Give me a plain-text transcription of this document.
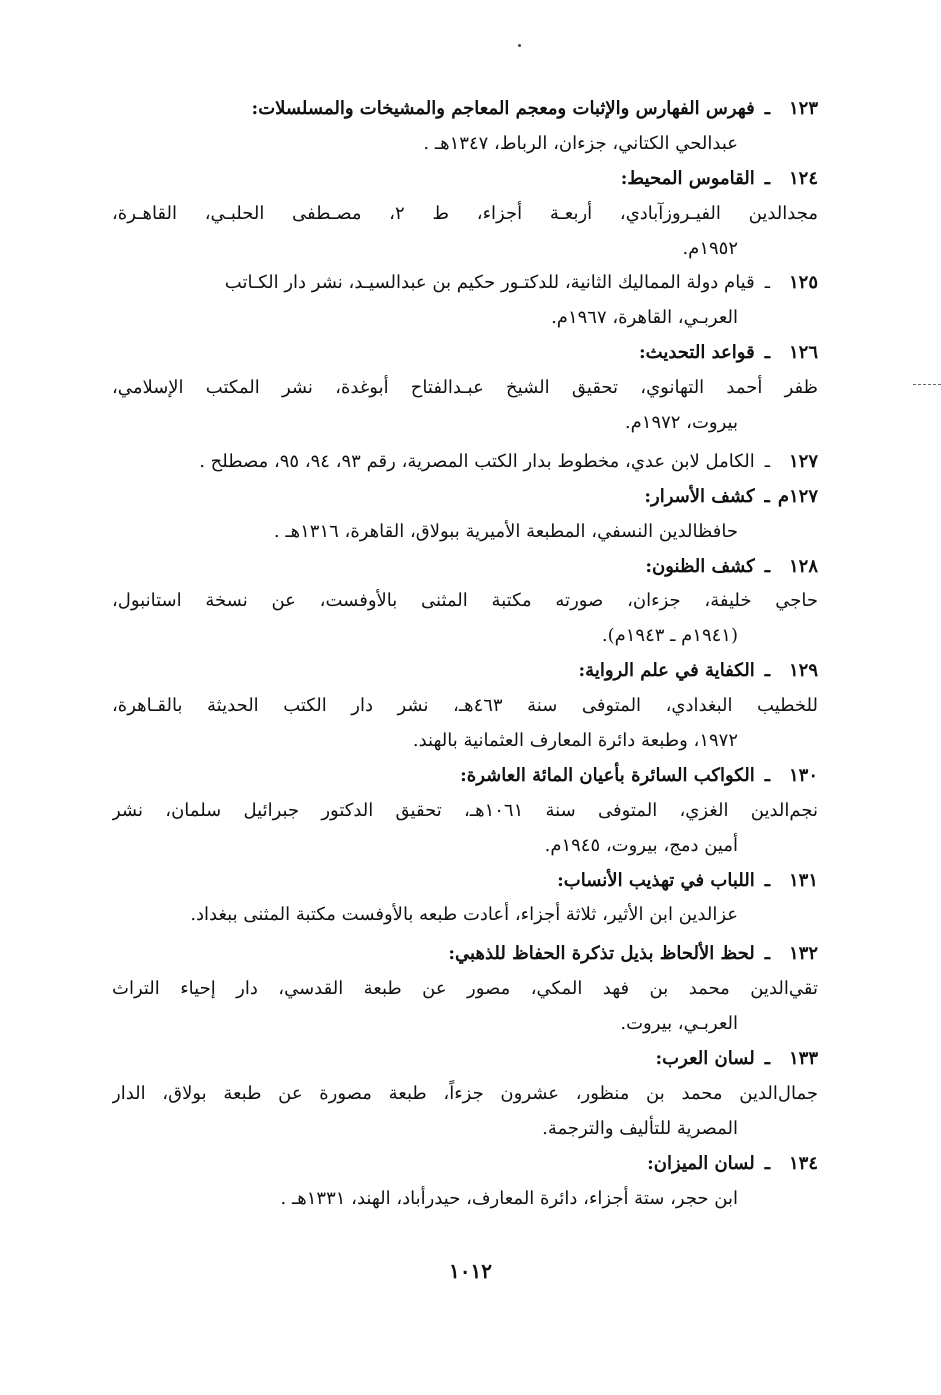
١٢٣ـفهرس الفهارس والإثبات ومعجم المعاجم والمشيخات والمسلسلات:
عبدالحي الكتاني، جزءان، الرباط، ١٣٤٧هـ .
١٢٤ـالقاموس المحيط:
مجدالدين الفيـروزآبادي، أربعـة أجزاء، ط ٢، مصـطفى الحلبـي، القاهـرة،
١٩٥٢م.
١٢٥ـقيام دولة المماليك الثانية، للدكتـور حكيم بن عبدالسيـد، نشر دار الكـاتب
العربـي، القاهرة، ١٩٦٧م.
١٢٦ـقواعد التحديث:
ظفر أحمد التهانوي، تحقيق الشيخ عبـدالفتاح أبوغدة، نشر المكتب الإسلامي،
بيروت، ١٩٧٢م.
١٢٧ـالكامل لابن عدي، مخطوط بدار الكتب المصرية، رقم ٩٣، ٩٤، ٩٥، مصطلح .
١٢٧مـكشف الأسرار:
حافظالدين النسفي، المطبعة الأميرية ببولاق، القاهرة، ١٣١٦هـ .
١٢٨ـكشف الظنون:
حاجي خليفة، جزءان، صورته مكتبة المثنى بالأوفست، عن نسخة استانبول،
(١٩٤١م ـ ١٩٤٣م).
١٢٩ـالكفاية في علم الرواية:
للخطيب البغدادي، المتوفى سنة ٤٦٣هـ، نشر دار الكتب الحديثة بالقـاهرة،
١٩٧٢، وطبعة دائرة المعارف العثمانية بالهند.
١٣٠ـالكواكب السائرة بأعيان المائة العاشرة:
نجم‌الدين الغزي، المتوفى سنة ١٠٦١هـ، تحقيق الدكتور جبرائيل سلمان، نشر
أمين دمج، بيروت، ١٩٤٥م.
١٣١ـاللباب في تهذيب الأنساب:
عزالدين ابن الأثير، ثلاثة أجزاء، أعادت طبعه بالأوفست مكتبة المثنى ببغداد.
١٣٢ـلحظ الألحاظ بذيل تذكرة الحفاظ للذهبي:
تقي‌الدين محمد بن فهد المكي، مصور عن طبعة القدسي، دار إحياء التراث
العربـي، بيروت.
١٣٣ـلسان العرب:
جمال‌الدين محمد بن منظور، عشرون جزءاً، طبعة مصورة عن طبعة بولاق، الدار
المصرية للتأليف والترجمة.
١٣٤ـلسان الميزان:
ابن حجر، ستة أجزاء، دائرة المعارف، حيدرأباد، الهند، ١٣٣١هـ .
١٠١٢
